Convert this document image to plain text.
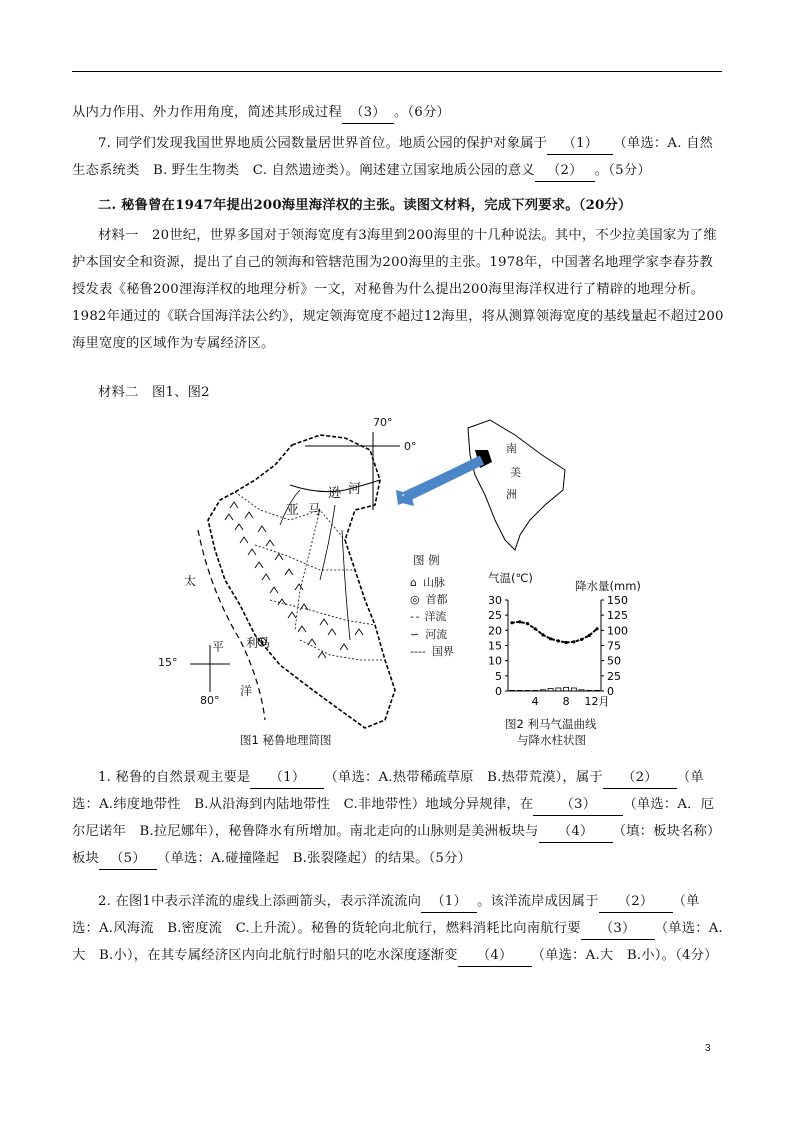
从内力作用、外力作用角度，简述其形成过程 （3） 。（6分）
7. 同学们发现我国世界地质公园数量居世界首位。地质公园的保护对象属于 （1） （单选：A. 自然生态系统类　B. 野生生物类　C. 自然遗迹类）。阐述建立国家地质公园的意义 （2） 。（5分）
二. 秘鲁曾在1947年提出200海里海洋权的主张。读图文材料，完成下列要求。（20分）
材料一　20世纪，世界多国对于领海宽度有3海里到200海里的十几种说法。其中，不少拉美国家为了维护本国安全和资源，提出了自己的领海和管辖范围为200海里的主张。1978年，中国著名地理学家李春芬教授发表《秘鲁200浬海洋权的地理分析》一文，对秘鲁为什么提出200海里海洋权进行了精辟的地理分析。1982年通过的《联合国海洋法公约》，规定领海宽度不超过12海里，将从测算领海宽度的基线量起不超过200海里宽度的区域作为专属经济区。
材料二　图1、图2
0
5
10
15
20
25
30
0
25
50
75
100
125
150
4 8 12月
70°
0°
15°
80°
亚 马
逊 河
太
平
洋
利马
南
美
洲
图 例
⌂ 山脉
◎ 首都
- - 洋流
∽ 河流
---- 国界
气温(℃)
降水量(mm)
图1 秘鲁地理简图
图2 利马气温曲线
与降水柱状图
1. 秘鲁的自然景观主要是 （1） （单选：A.热带稀疏草原　B.热带荒漠），属于 （2） （单选：A.纬度地带性　B.从沿海到内陆地带性　C.非地带性）地域分异规律，在 （3） （单选：A．厄尔尼诺年　B.拉尼娜年），秘鲁降水有所增加。南北走向的山脉则是美洲板块与 （4） （填：板块名称）板块 （5） （单选：A.碰撞隆起　B.张裂隆起）的结果。（5分）
2. 在图1中表示洋流的虚线上添画箭头，表示洋流流向 （1） 。该洋流岸成因属于 （2） （单选：A.风海流　B.密度流　C.上升流）。秘鲁的货轮向北航行，燃料消耗比向南航行要 （3） （单选：A.大　B.小），在其专属经济区内向北航行时船只的吃水深度逐渐变 （4） （单选：A.大　B.小）。（4分）
3
